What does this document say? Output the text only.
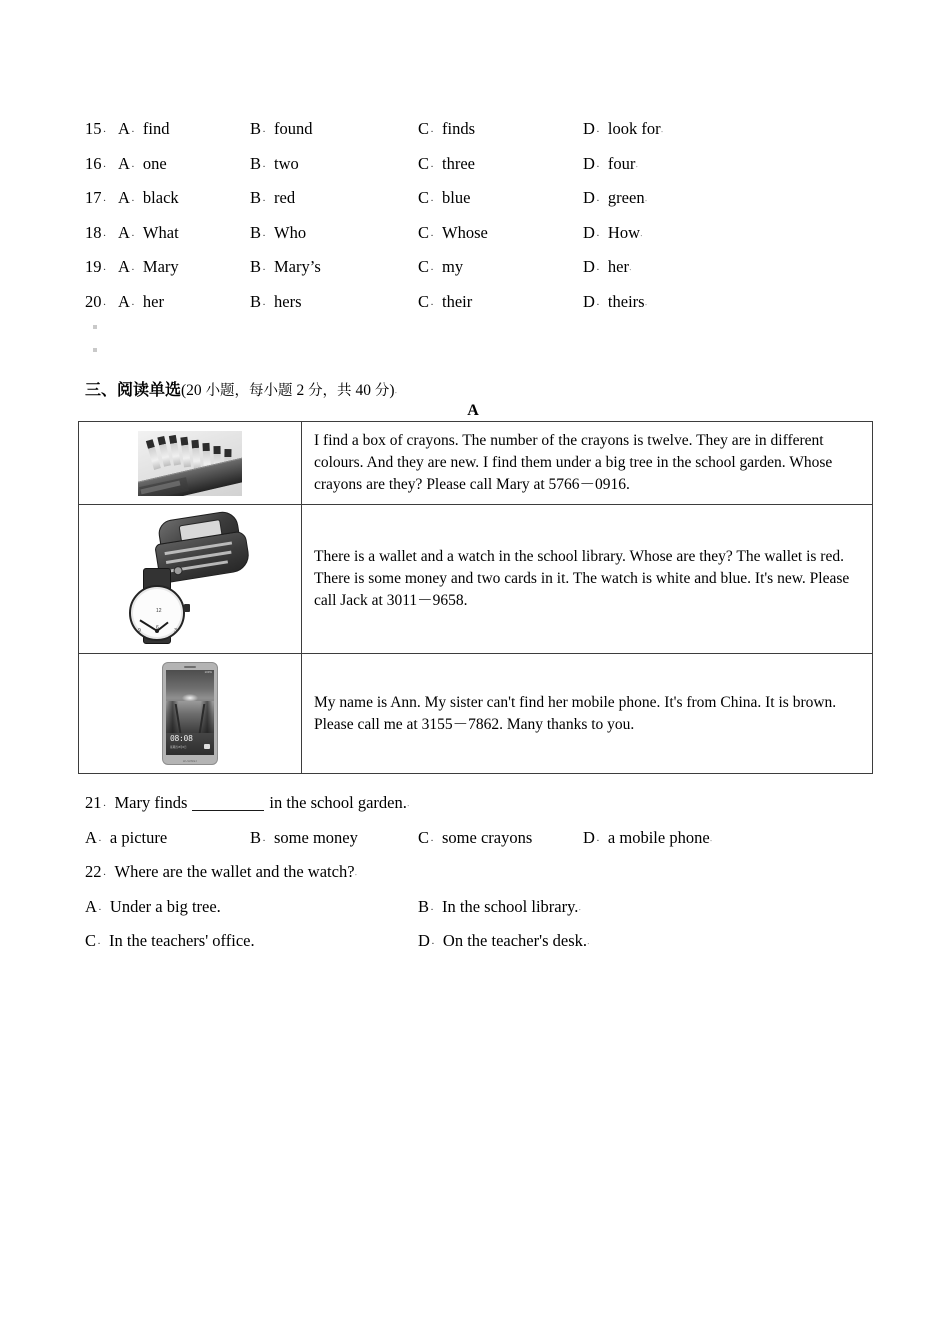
15 ． A ．find	B ．found	C ．finds	D ．look for．
16 ． A ．one	B ．two	C ．three	D ．four．
17 ． A ．black	B ．red	C ．blue	D ．green．
18 ． A ．What	B ．Who	C ．Whose	D ．How．
19 ． A ．Mary	B ．Mary’s	C ．my	D ．her．
20 ． A ．her	B ．hers	C ．their	D ．theirs．
三、阅读单选(20 小题，每小题 2 分，共 40 分)．
A
	I find a box of crayons. The number of the crayons is twelve. They are in different colours. And they are new. I find them under a big tree in the school garden. Whose crayons are they? Please call Mary at 5766－0916.

12
3
9	There is a wallet and a watch in the school library. Whose are they? The wallet is red. There is some money and two cards in it. The watch is white and blue. It's new. Please call Jack at 3011－9658.

100%
08:08
星期四 8月6日
HUAWEI	My name is Ann. My sister can't find her mobile phone. It's from China. It is brown. Please call me at 3155－7862. Many thanks to you.
21 ．Mary finds	in the school garden.．
A ．a picture	B ．some money	C ．some crayons	D ．a mobile phone．
22 ．Where are the wallet and the watch?．
A ．Under a big tree.	B ．In the school library.．
C ．In the teachers' office.	D ．On the teacher's desk.．
